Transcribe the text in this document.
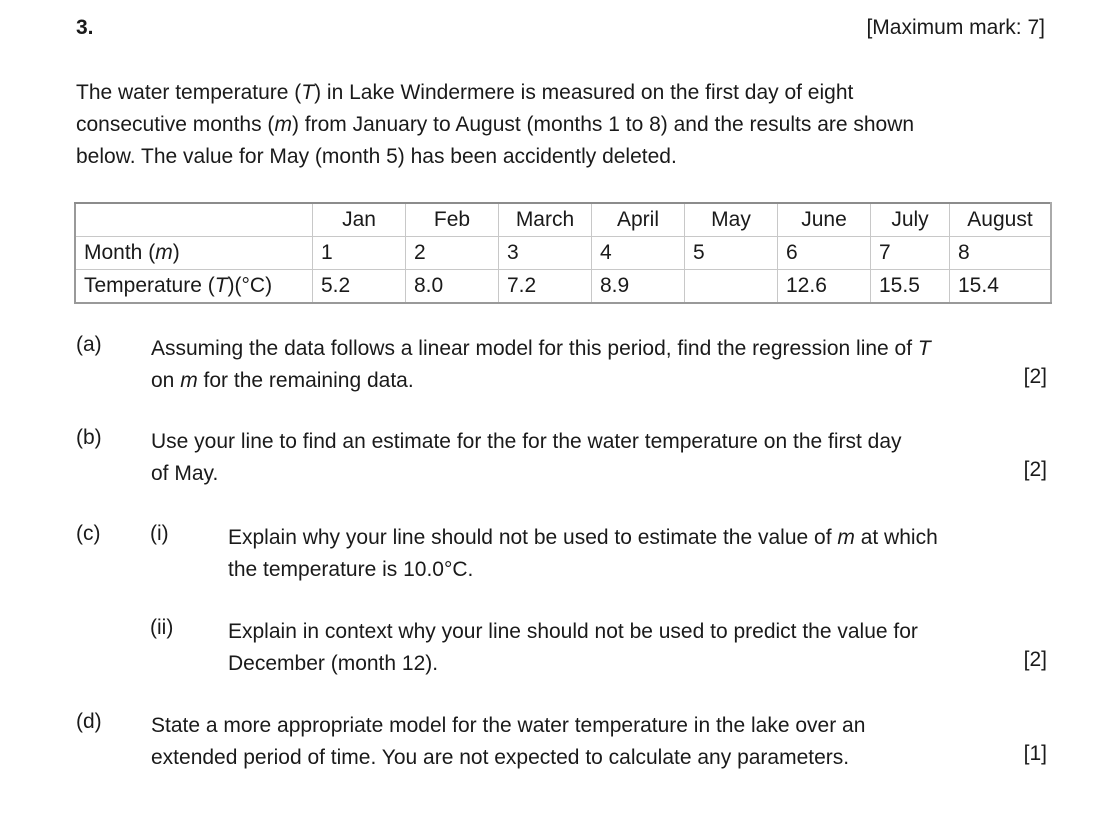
3.	[Maximum mark: 7]
The water temperature (T) in Lake Windermere is measured on the first day of eight
consecutive months (m) from January to August (months 1 to 8) and the results are shown
below. The value for May (month 5) has been accidently deleted.
	Jan	Feb	March	April	May	June	July	August
Month (m)	1	2	3	4	5	6	7	8
Temperature (T)(°C)	5.2	8.0	7.2	8.9		12.6	15.5	15.4
(a) Assuming the data follows a linear model for this period, find the regression line of T
on m for the remaining data.	[2]
(b) Use your line to find an estimate for the for the water temperature on the first day
of May.	[2]
(c) (i)	Explain why your line should not be used to estimate the value of m at which
the temperature is 10.0°C.
(ii)	Explain in context why your line should not be used to predict the value for
December (month 12).	[2]
(d) State a more appropriate model for the water temperature in the lake over an
extended period of time. You are not expected to calculate any parameters.	[1]
